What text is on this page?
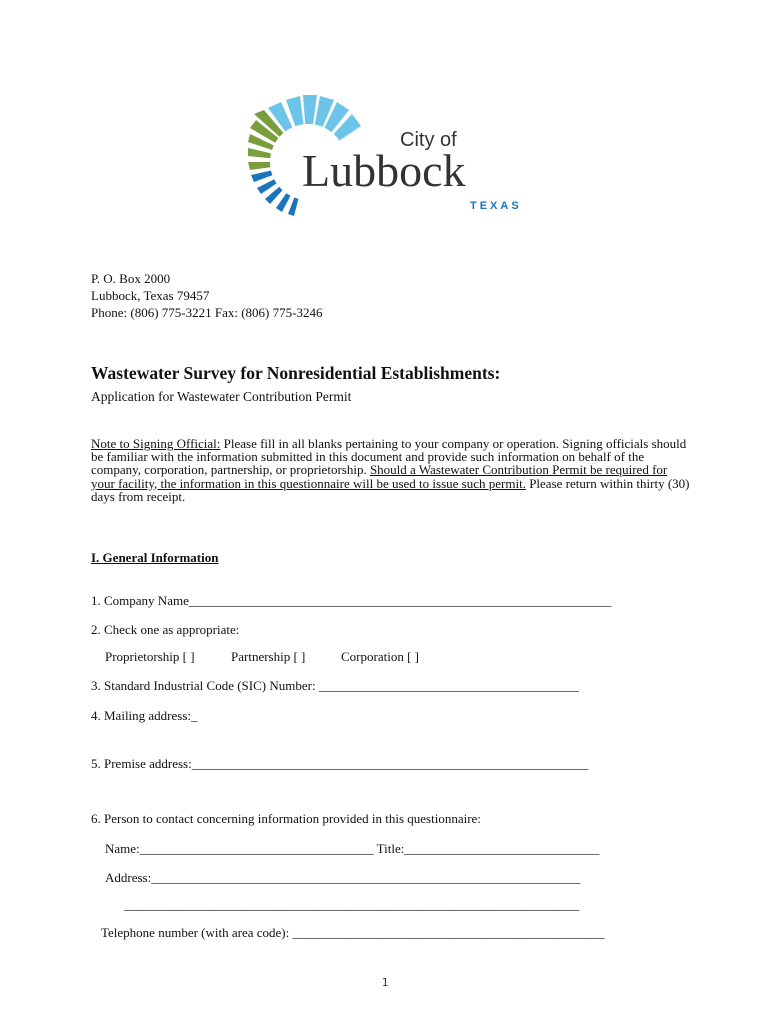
City of
Lubbock
TEXAS
P. O. Box 2000
Lubbock, Texas 79457
Phone: (806) 775-3221 Fax: (806) 775-3246
Wastewater Survey for Nonresidential Establishments:
Application for Wastewater Contribution Permit
Note to Signing Official: Please fill in all blanks pertaining to your company or operation. Signing officials should be familiar with the information submitted in this document and provide such information on behalf of the company, corporation, partnership, or proprietorship. Should a Wastewater Contribution Permit be required for your facility, the information in this questionnaire will be used to issue such permit. Please return within thirty (30) days from receipt.
I. General Information
1. Company Name_________________________________________________________________
2. Check one as appropriate:
Proprietorship [ ]	Partnership [ ]	Corporation [ ]
3. Standard Industrial Code (SIC) Number: ________________________________________
4. Mailing address:_
5. Premise address:_____________________________________________________________
6. Person to contact concerning information provided in this questionnaire:
Name:____________________________________ Title:______________________________
Address:__________________________________________________________________
______________________________________________________________________
Telephone number (with area code): ________________________________________________
1
